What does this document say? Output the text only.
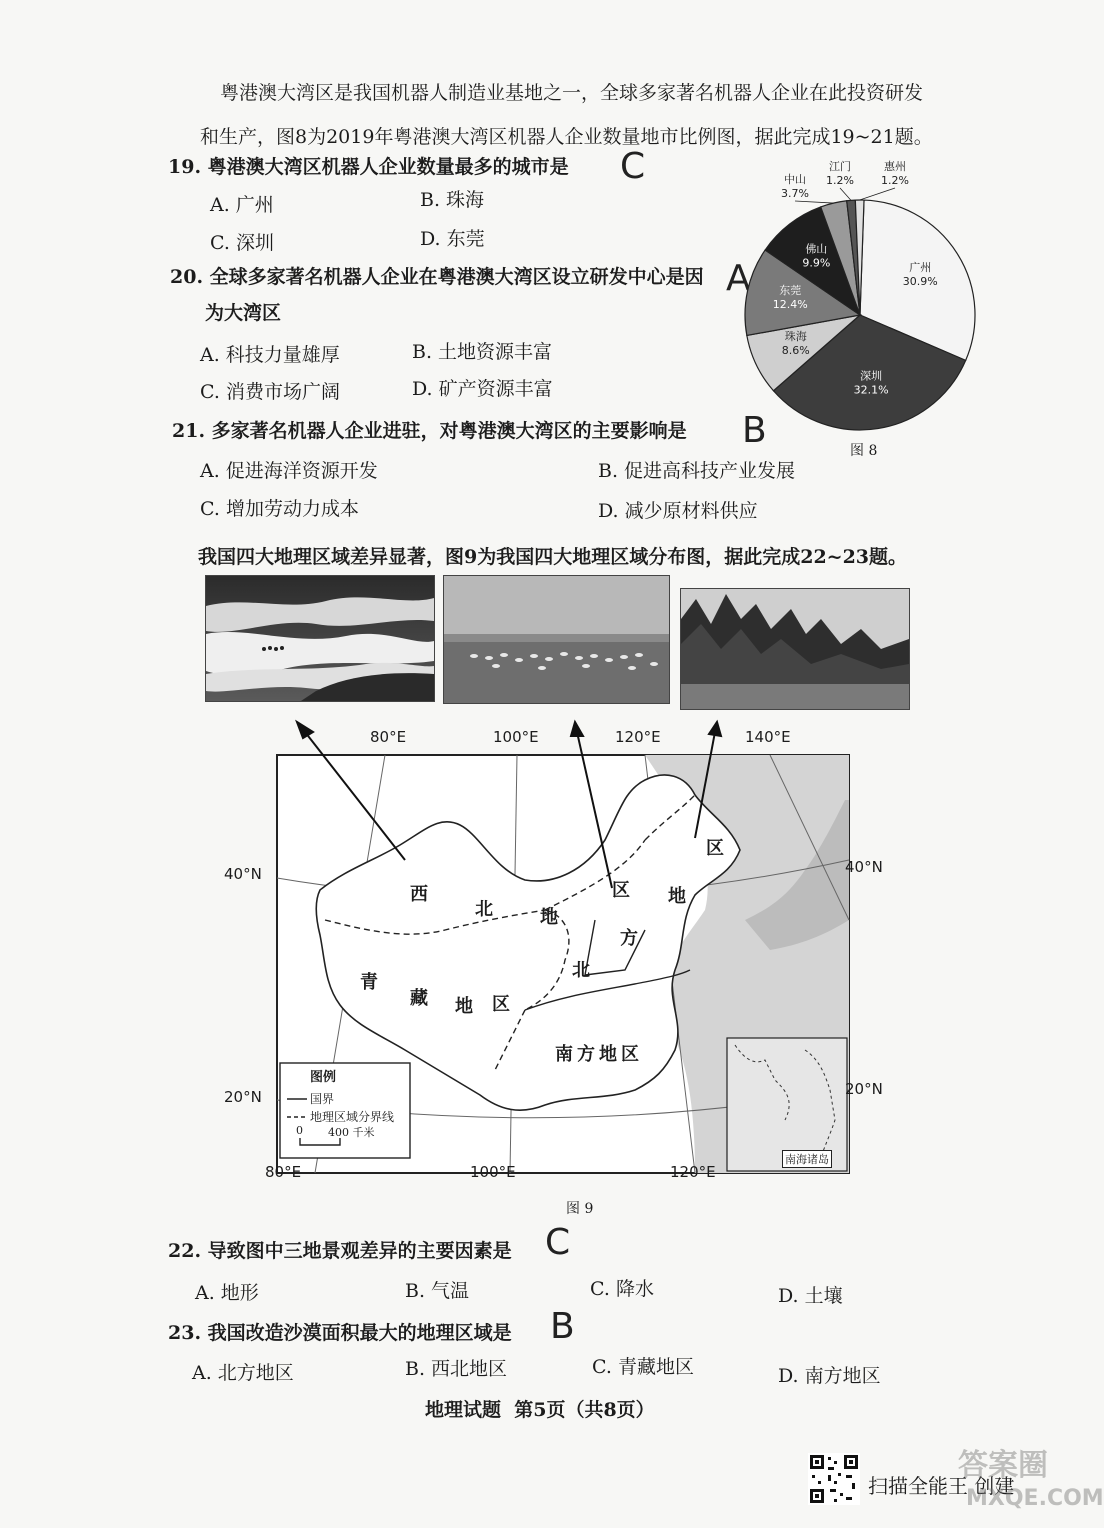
粤港澳大湾区是我国机器人制造业基地之一，全球多家著名机器人企业在此投资研发
和生产，图8为2019年粤港澳大湾区机器人企业数量地市比例图，据此完成19~21题。
19. 粤港澳大湾区机器人企业数量最多的城市是 C
A. 广州	B. 珠海
C. 深圳	D. 东莞
20. 全球多家著名机器人企业在粤港澳大湾区设立研发中心是因 A
为大湾区
A. 科技力量雄厚	B. 土地资源丰富
C. 消费市场广阔	D. 矿产资源丰富
21. 多家著名机器人企业进驻，对粤港澳大湾区的主要影响是 B
A. 促进海洋资源开发	B. 促进高科技产业发展
C. 增加劳动力成本	D. 减少原材料供应
广州
30.9%
深圳
32.1%
珠海
8.6%
东莞
12.4%
佛山
9.9%
中山
3.7%
江门
1.2%
惠州
1.2%
图 8
我国四大地理区域差异显著，图9为我国四大地理区域分布图，据此完成22~23题。
80°E	100°E	120°E	140°E
80°E	100°E	120°E
40°N
20°N
40°N
20°N
西
北	地
区 地
区
方
北
青
藏 地 区
南方地区
图例
国界
地理区域分界线
0 400 千米
南海诸岛
图 9
22. 导致图中三地景观差异的主要因素是 C
A. 地形	B. 气温	C. 降水	D. 土壤
23. 我国改造沙漠面积最大的地理区域是 B
A. 北方地区	B. 西北地区	C. 青藏地区	D. 南方地区
地理试题  第5页（共8页）
扫描全能王 创建
答案圈
MXQE.COM
